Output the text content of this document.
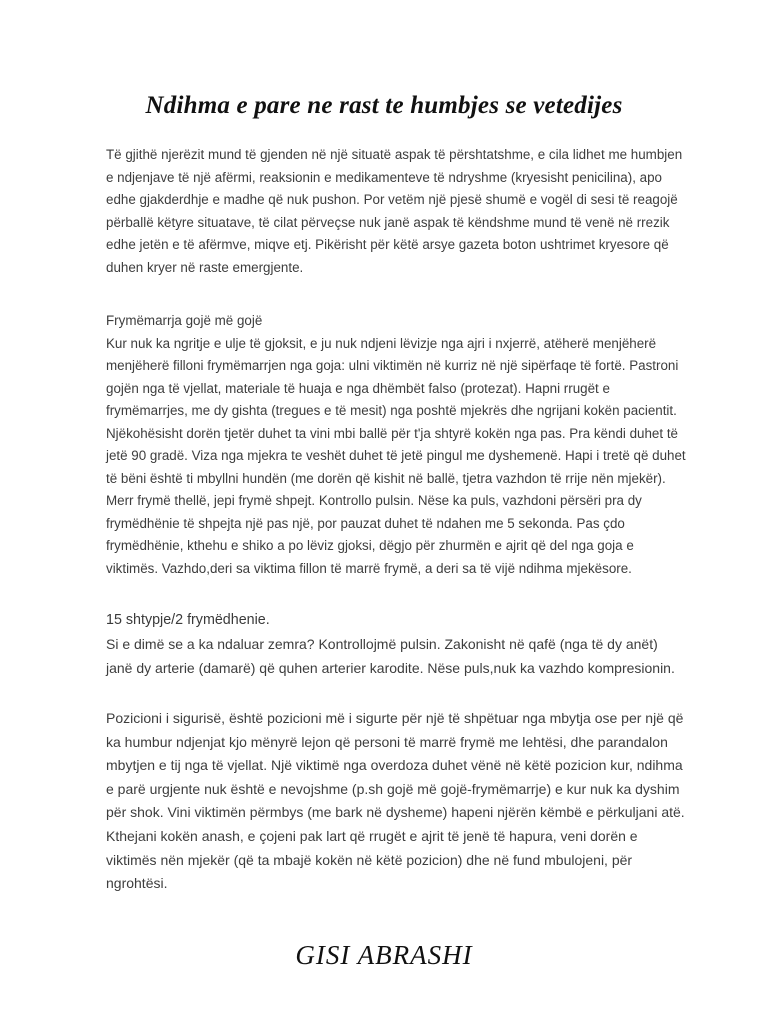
Ndihma e pare ne rast te humbjes se vetedijes

Të gjithë njerëzit mund të gjenden në një situatë aspak të përshtatshme, e cila lidhet me humbjen e ndjenjave të një afërmi, reaksionin e medikamenteve të ndryshme (kryesisht penicilina), apo edhe gjakderdhje e madhe që nuk pushon. Por vetëm një pjesë shumë e vogël di sesi të reagojë përballë këtyre situatave, të cilat përveçse nuk janë aspak të këndshme mund të venë në rrezik edhe jetën e të afërmve, miqve etj. Pikërisht për këtë arsye gazeta boton ushtrimet kryesore që duhen kryer në raste emergjente.

Frymëmarrja gojë më gojë

Kur nuk ka ngritje e ulje të gjoksit, e ju nuk ndjeni lëvizje nga ajri i nxjerrë, atëherë menjëherë menjëherë filloni frymëmarrjen nga goja: ulni viktimën në kurriz në një sipërfaqe të fortë. Pastroni gojën nga të vjellat, materiale të huaja e nga dhëmbët falso (protezat). Hapni rrugët e frymëmarrjes, me dy gishta (tregues e të mesit) nga poshtë mjekrës dhe ngrijani kokën pacientit. Njëkohësisht dorën tjetër duhet ta vini mbi ballë për t'ja shtyrë kokën nga pas. Pra këndi duhet të jetë 90 gradë. Viza nga mjekra te veshët duhet të jetë pingul me dyshemenë. Hapi i tretë që duhet të bëni është ti mbyllni hundën (me dorën që kishit në ballë, tjetra vazhdon të rrije nën mjekër). Merr frymë thellë, jepi frymë shpejt. Kontrollo pulsin. Nëse ka puls, vazhdoni përsëri pra dy frymëdhënie të shpejta një pas një, por pauzat duhet të ndahen me 5 sekonda. Pas çdo frymëdhënie, kthehu e shiko a po lëviz gjoksi, dëgjo për zhurmën e ajrit që del nga goja e viktimës. Vazhdo,deri sa viktima fillon të marrë frymë, a deri sa të vijë ndihma mjekësore.

15 shtypje/2 frymëdhenie.

Si e dimë se a ka ndaluar zemra? Kontrollojmë pulsin. Zakonisht në qafë (nga të dy anët) janë dy arterie (damarë) që quhen arterier karodite. Nëse puls,nuk ka vazhdo kompresionin.

Pozicioni i sigurisë, është pozicioni më i sigurte për një të shpëtuar nga mbytja ose per një që ka humbur ndjenjat kjo mënyrë lejon që personi të marrë frymë me lehtësi, dhe parandalon mbytjen e tij nga të vjellat. Një viktimë nga overdoza duhet vënë në këtë pozicion kur, ndihma e parë urgjente nuk është e nevojshme (p.sh gojë më gojë-frymëmarrje) e kur nuk ka dyshim për shok. Vini viktimën përmbys (me bark në dysheme) hapeni njërën këmbë e përkuljani atë. Kthejani kokën anash, e çojeni pak lart që rrugët e ajrit të jenë të hapura, veni dorën e viktimës nën mjekër (që ta mbajë kokën në këtë pozicion) dhe në fund mbulojeni, për ngrohtësi.

GISI ABRASHI
